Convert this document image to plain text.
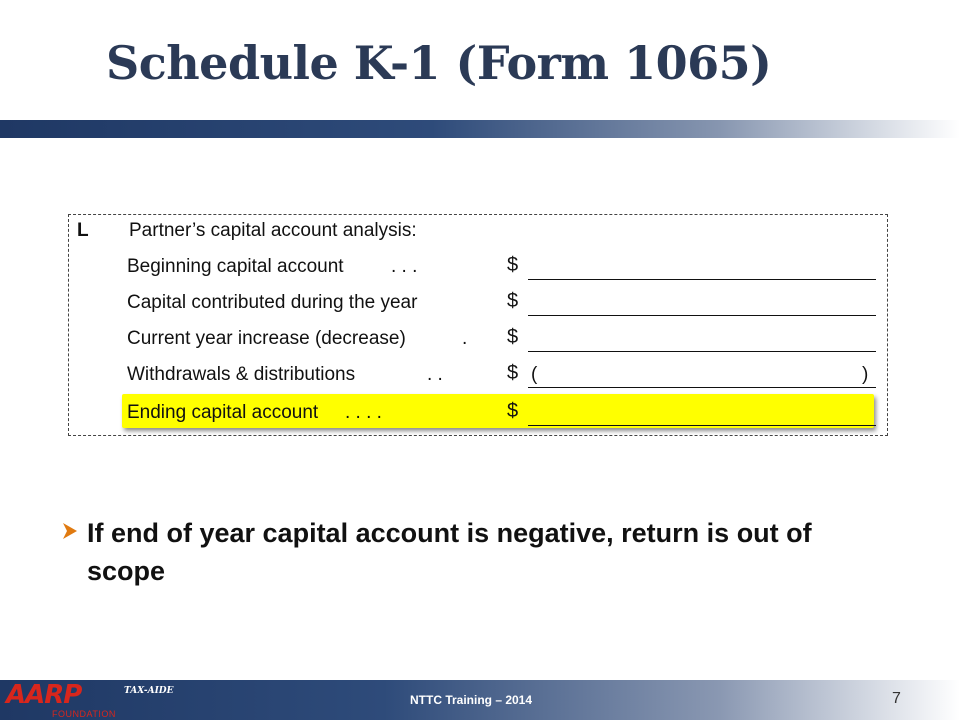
Schedule K-1 (Form 1065)
L Partner’s capital account analysis:
Beginning capital account . . .	$
Capital contributed during the year	$
Current year increase (decrease)	. $
Withdrawals & distributions	. .	$ (	)
Ending capital account . . . .	$
If end of year capital account is negative, return is out of scope
AARP	TAX-AIDE
FOUNDATION
NTTC Training – 2014	7
